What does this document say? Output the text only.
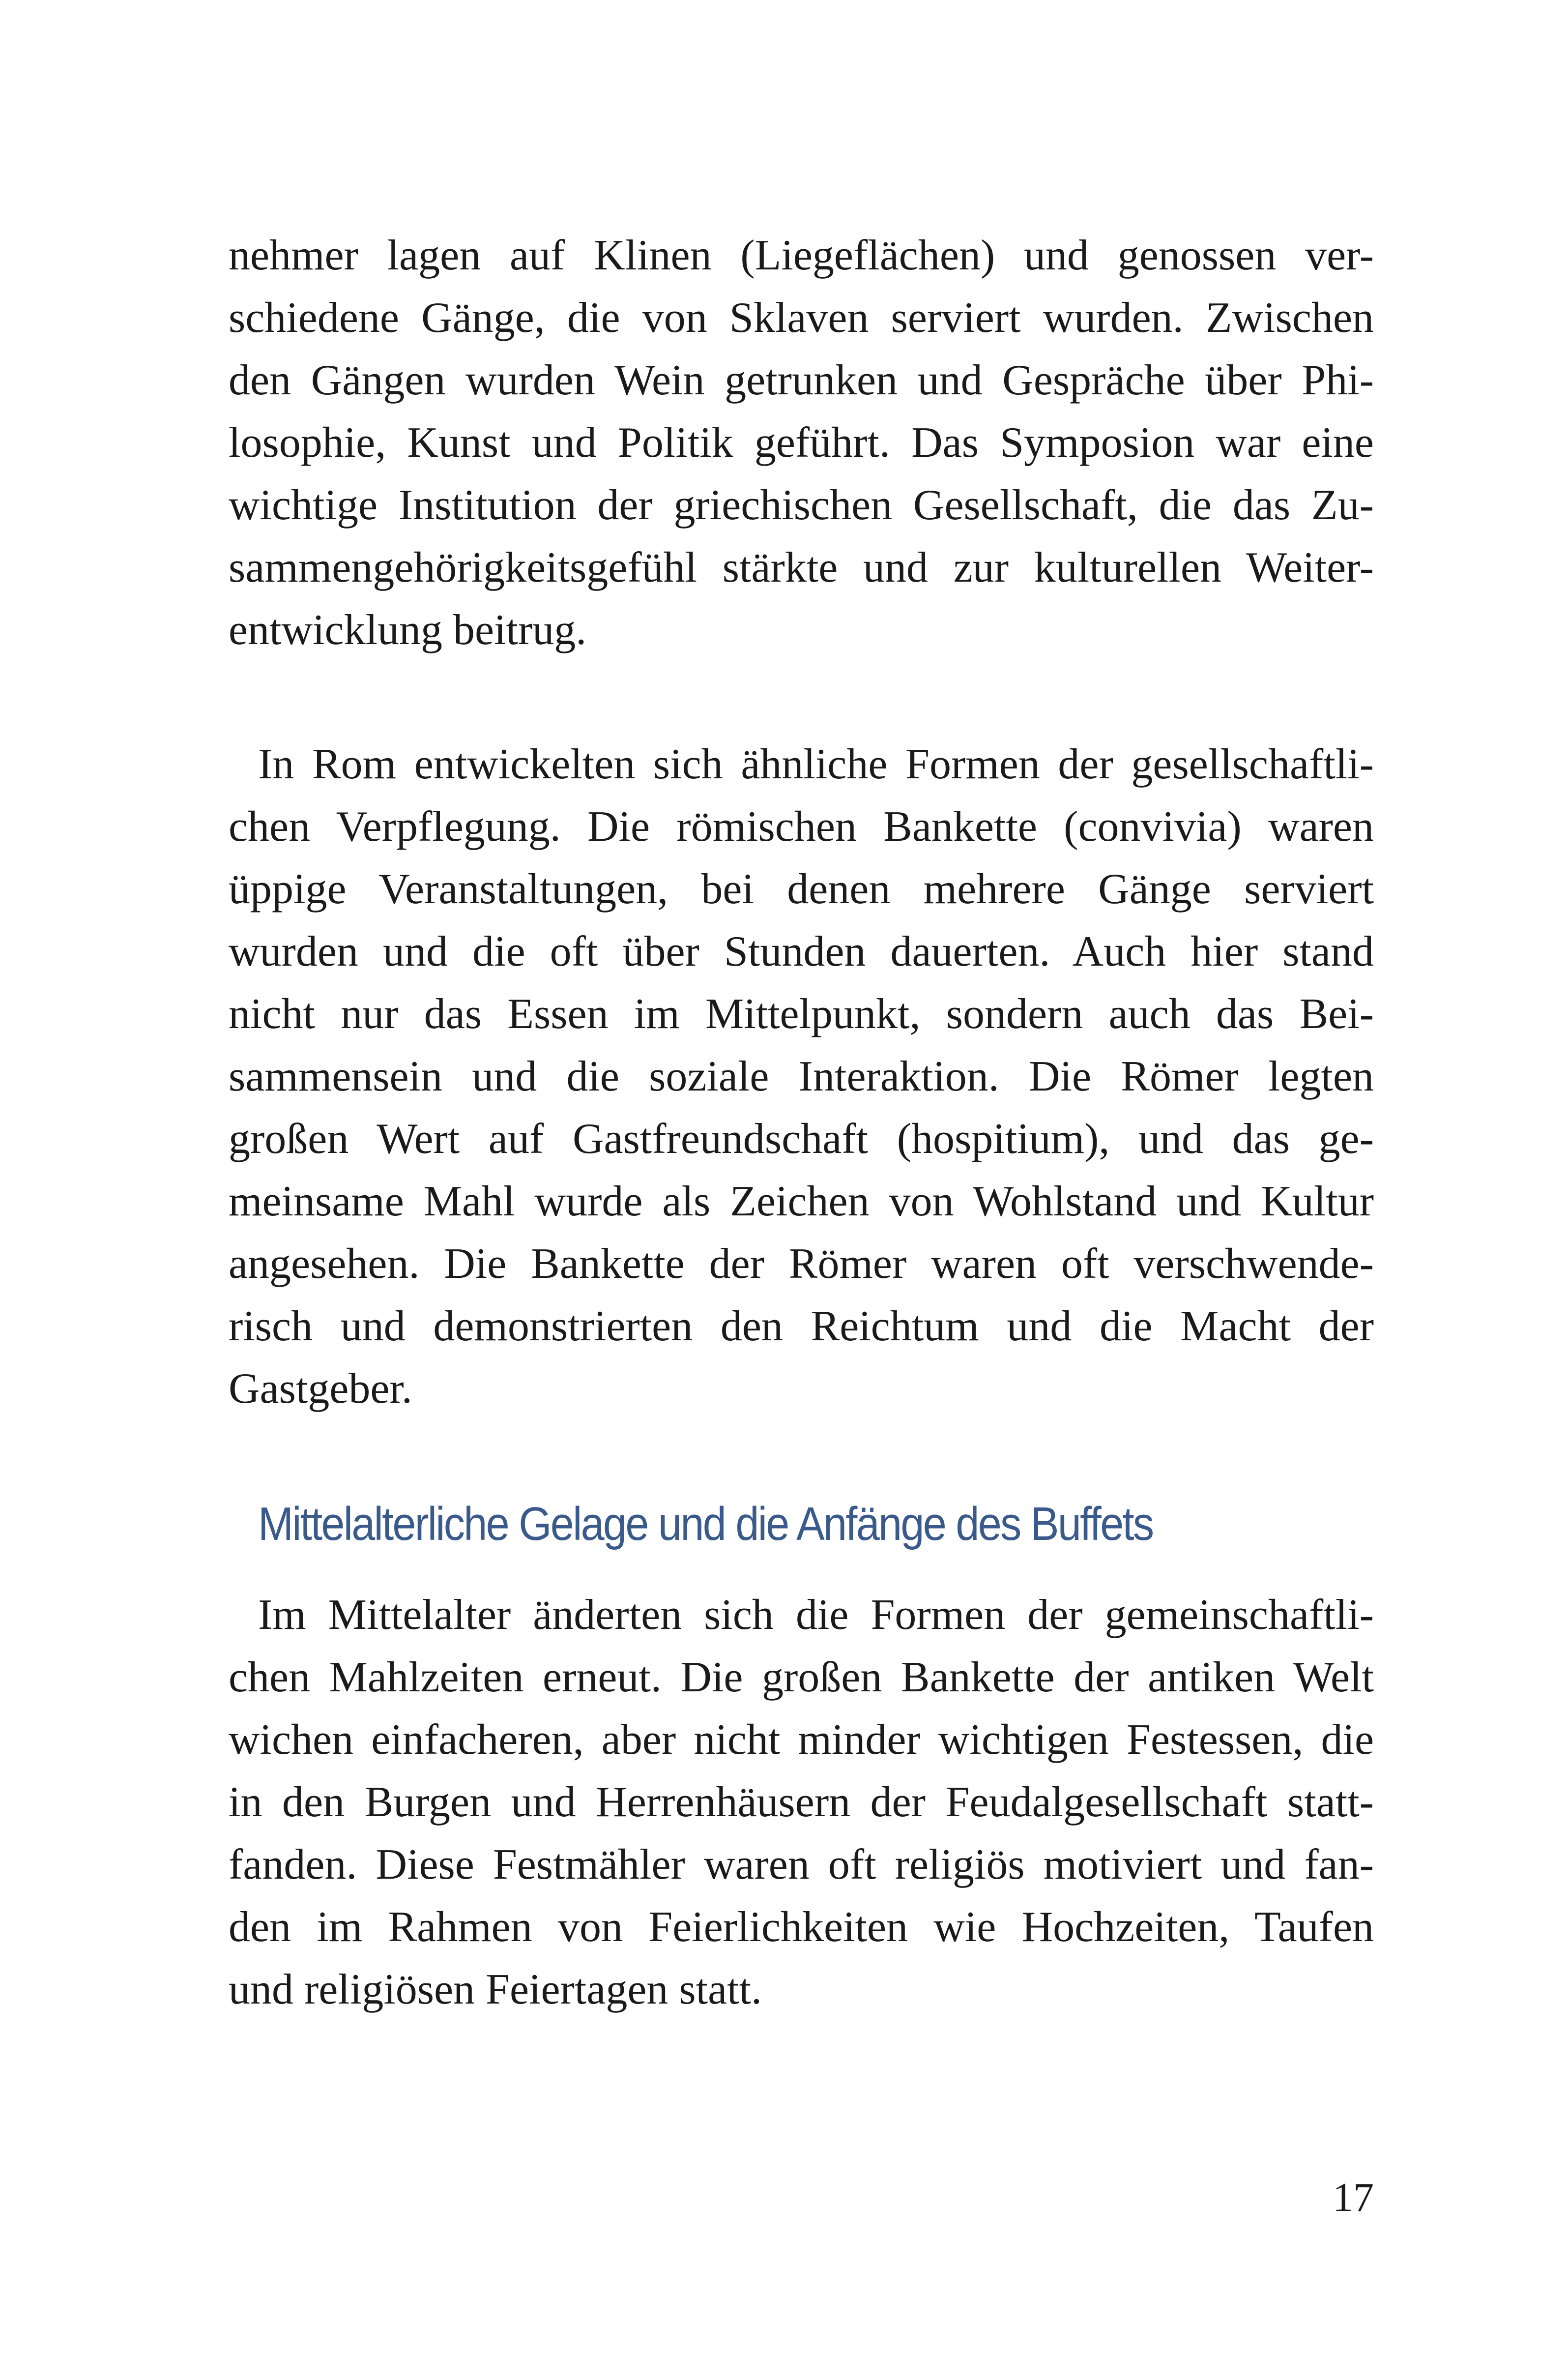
nehmer lagen auf Klinen (Liegeflächen) und genossen ver-
schiedene Gänge, die von Sklaven serviert wurden. Zwischen
den Gängen wurden Wein getrunken und Gespräche über Phi-
losophie, Kunst und Politik geführt. Das Symposion war eine
wichtige Institution der griechischen Gesellschaft, die das Zu-
sammengehörigkeitsgefühl stärkte und zur kulturellen Weiter-
entwicklung beitrug.
In Rom entwickelten sich ähnliche Formen der gesellschaftli-
chen Verpflegung. Die römischen Bankette (convivia) waren
üppige Veranstaltungen, bei denen mehrere Gänge serviert
wurden und die oft über Stunden dauerten. Auch hier stand
nicht nur das Essen im Mittelpunkt, sondern auch das Bei-
sammensein und die soziale Interaktion. Die Römer legten
großen Wert auf Gastfreundschaft (hospitium), und das ge-
meinsame Mahl wurde als Zeichen von Wohlstand und Kultur
angesehen. Die Bankette der Römer waren oft verschwende-
risch und demonstrierten den Reichtum und die Macht der
Gastgeber.
Mittelalterliche Gelage und die Anfänge des Buffets
Im Mittelalter änderten sich die Formen der gemeinschaftli-
chen Mahlzeiten erneut. Die großen Bankette der antiken Welt
wichen einfacheren, aber nicht minder wichtigen Festessen, die
in den Burgen und Herrenhäusern der Feudalgesellschaft statt-
fanden. Diese Festmähler waren oft religiös motiviert und fan-
den im Rahmen von Feierlichkeiten wie Hochzeiten, Taufen
und religiösen Feiertagen statt.
17
